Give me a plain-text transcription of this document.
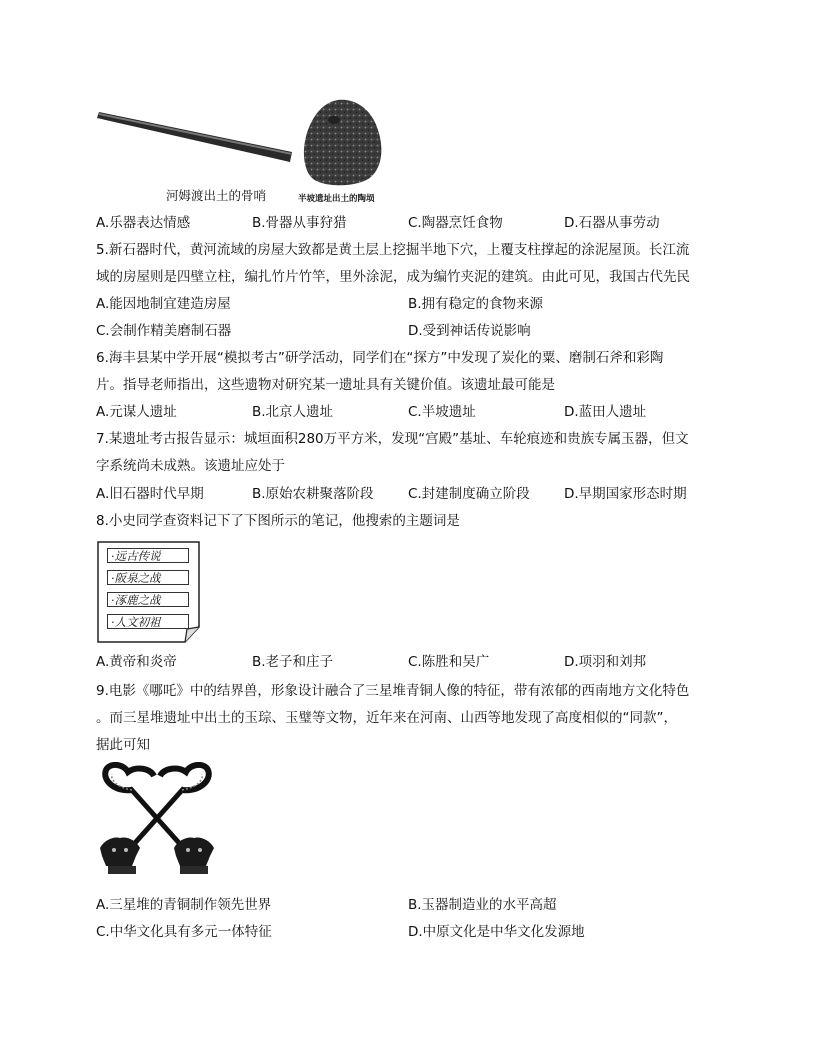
河姆渡出土的骨哨	半坡遗址出土的陶埙
A.乐器表达情感	B.骨器从事狩猎	C.陶器烹饪食物	D.石器从事劳动
5.新石器时代，黄河流域的房屋大致都是黄土层上挖掘半地下穴，上覆支柱撑起的涂泥屋顶。长江流
域的房屋则是四壁立柱，编扎竹片竹竿，里外涂泥，成为编竹夹泥的建筑。由此可见，我国古代先民
A.能因地制宜建造房屋	B.拥有稳定的食物来源
C.会制作精美磨制石器	D.受到神话传说影响
6.海丰县某中学开展“模拟考古”研学活动，同学们在“探方”中发现了炭化的粟、磨制石斧和彩陶
片。指导老师指出，这些遗物对研究某一遗址具有关键价值。该遗址最可能是
A.元谋人遗址	B.北京人遗址	C.半坡遗址	D.蓝田人遗址
7.某遗址考古报告显示：城垣面积280万平方米，发现“宫殿”基址、车轮痕迹和贵族专属玉器，但文
字系统尚未成熟。该遗址应处于
A.旧石器时代早期	B.原始农耕聚落阶段	C.封建制度确立阶段	D.早期国家形态时期
8.小史同学查资料记下了下图所示的笔记，他搜索的主题词是
·远古传说
·阪泉之战
·涿鹿之战
·人文初祖
A.黄帝和炎帝	B.老子和庄子	C.陈胜和吴广	D.项羽和刘邦
9.电影《哪吒》中的结界兽，形象设计融合了三星堆青铜人像的特征，带有浓郁的西南地方文化特色
。而三星堆遗址中出土的玉琮、玉璧等文物，近年来在河南、山西等地发现了高度相似的“同款”，
据此可知
A.三星堆的青铜制作领先世界	B.玉器制造业的水平高超
C.中华文化具有多元一体特征	D.中原文化是中华文化发源地
